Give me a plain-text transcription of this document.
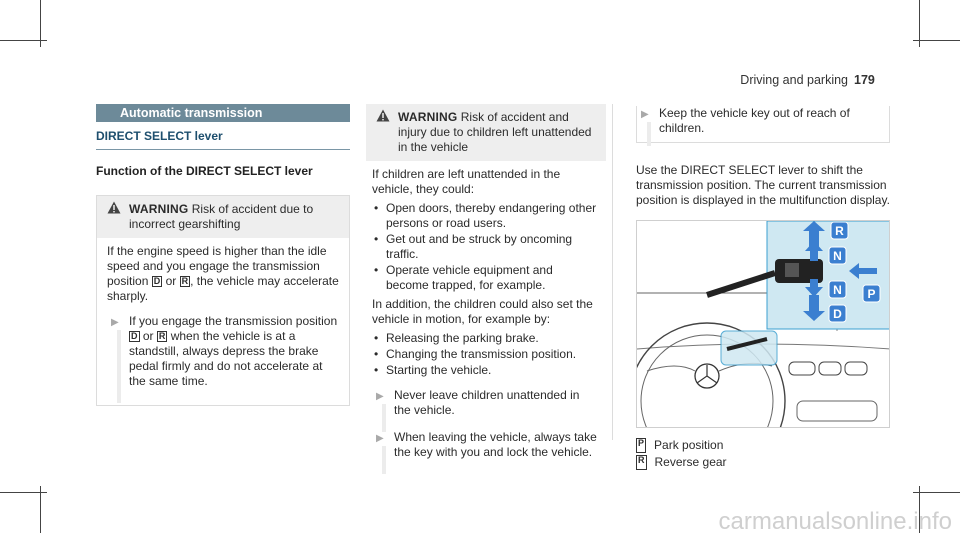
Driving and parking 179
Automatic transmission
DIRECT SELECT lever
Function of the DIRECT SELECT lever
WARNING Risk of accident due to incorrect gearshifting

If the engine speed is higher than the idle speed and you engage the transmission position D or R , the vehicle may accelerate sharply.

▶ If you engage the transmission position D or R when the vehicle is at a standstill, always depress the brake pedal firmly and do not accelerate at the same time.
WARNING Risk of accident and injury due to children left unattended in the vehicle

If children are left unattended in the vehicle, they could:

• Open doors, thereby endangering other persons or road users.
• Get out and be struck by oncoming traffic.
• Operate vehicle equipment and become trapped, for example.

In addition, the children could also set the vehicle in motion, for example by:

• Releasing the parking brake.
• Changing the transmission position.
• Starting the vehicle.
▶ Never leave children unattended in the vehicle.
▶ When leaving the vehicle, always take the key with you and lock the vehicle.
▶ Keep the vehicle key out of reach of children.

Use the DIRECT SELECT lever to shift the transmission position. The current transmission position is displayed in the multifunction display.

R
N
N
D
P
P Park position
R Reverse gear
carmanualsonline.info
